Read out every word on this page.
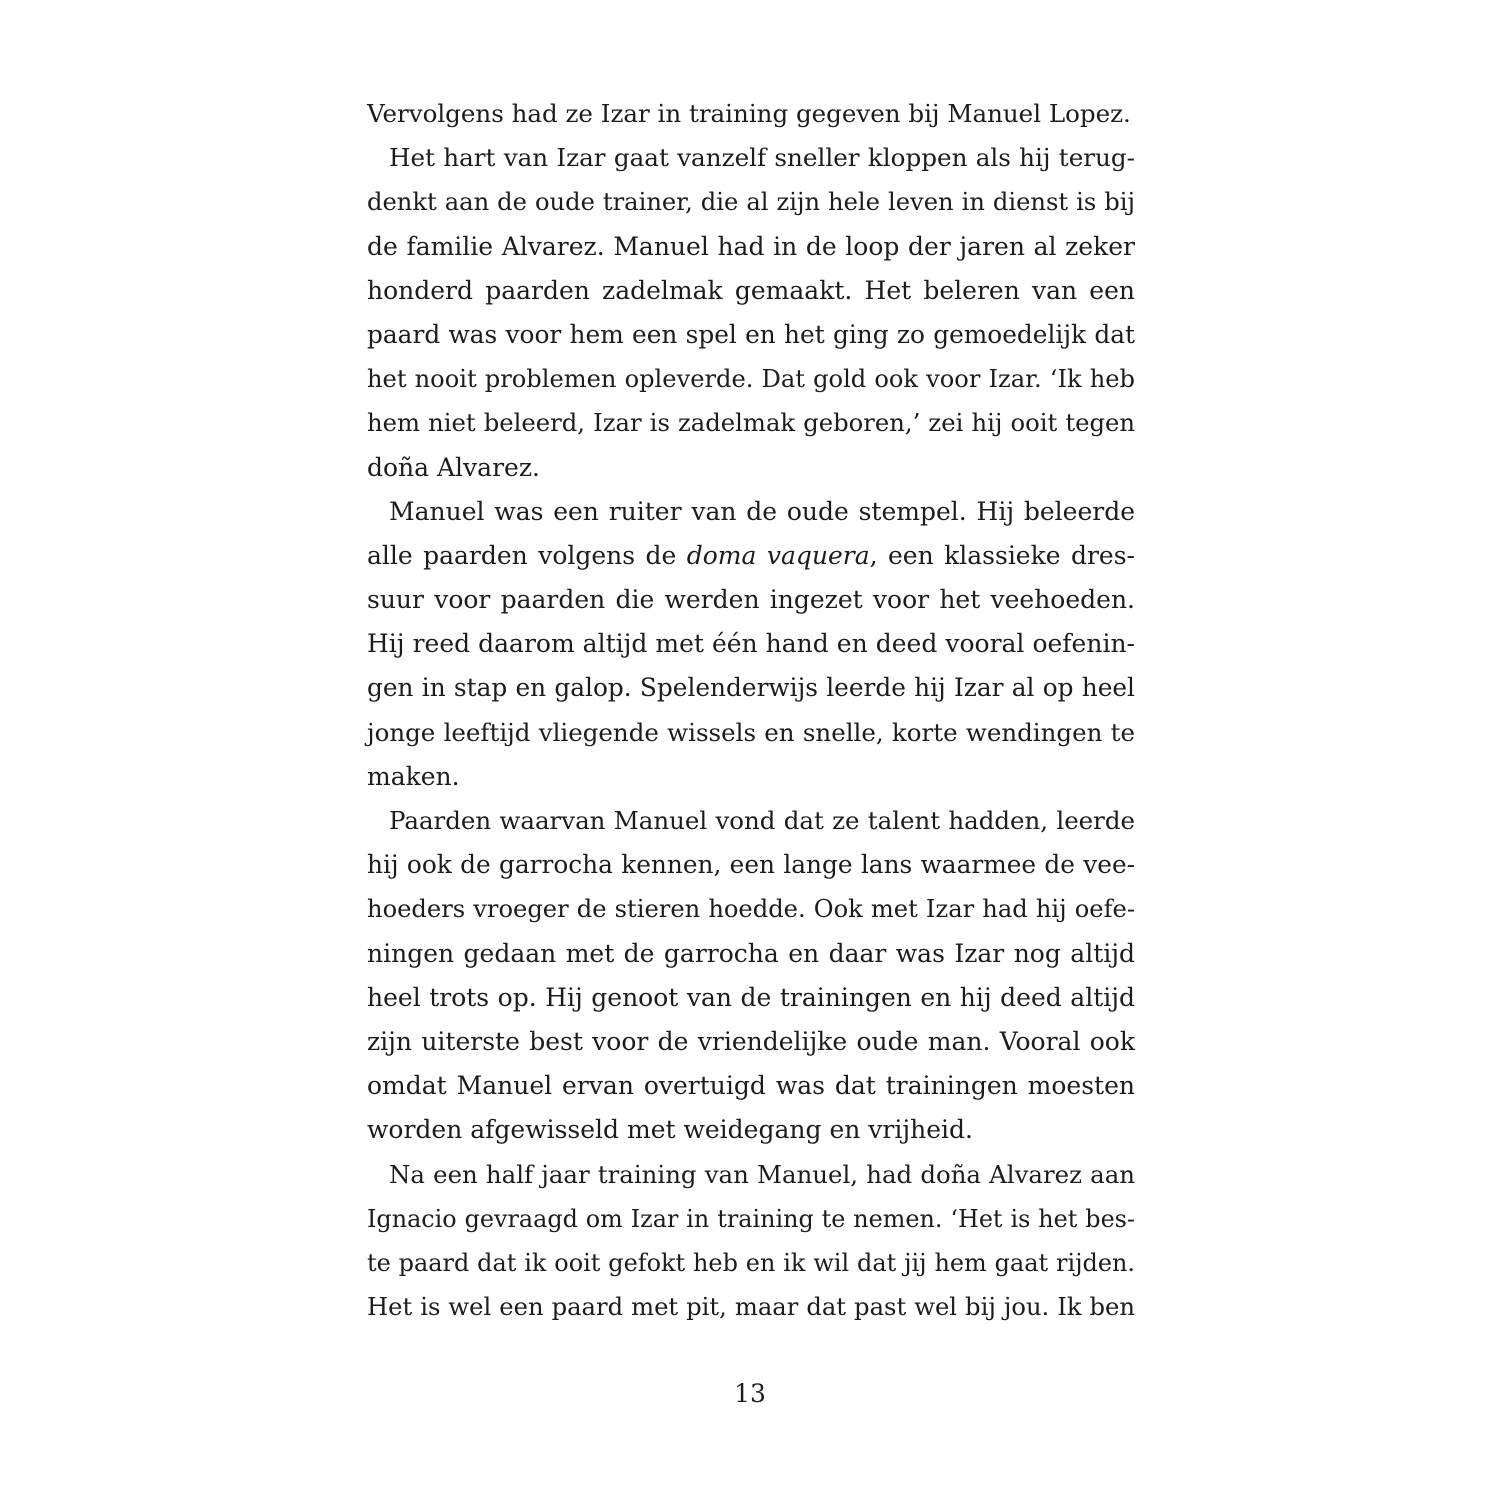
Vervolgens had ze Izar in training gegeven bij Manuel Lopez.
Het hart van Izar gaat vanzelf sneller kloppen als hij terug-
denkt aan de oude trainer, die al zijn hele leven in dienst is bij
de familie Alvarez. Manuel had in de loop der jaren al zeker
honderd paarden zadelmak gemaakt. Het beleren van een
paard was voor hem een spel en het ging zo gemoedelijk dat
het nooit problemen opleverde. Dat gold ook voor Izar. ‘Ik heb
hem niet beleerd, Izar is zadelmak geboren,’ zei hij ooit tegen
doña Alvarez.
Manuel was een ruiter van de oude stempel. Hij beleerde
alle paarden volgens de doma vaquera, een klassieke dres-
suur voor paarden die werden ingezet voor het veehoeden.
Hij reed daarom altijd met één hand en deed vooral oefenin-
gen in stap en galop. Spelenderwijs leerde hij Izar al op heel
jonge leeftijd vliegende wissels en snelle, korte wendingen te
maken.
Paarden waarvan Manuel vond dat ze talent hadden, leerde
hij ook de garrocha kennen, een lange lans waarmee de vee-
hoeders vroeger de stieren hoedde. Ook met Izar had hij oefe-
ningen gedaan met de garrocha en daar was Izar nog altijd
heel trots op. Hij genoot van de trainingen en hij deed altijd
zijn uiterste best voor de vriendelijke oude man. Vooral ook
omdat Manuel ervan overtuigd was dat trainingen moesten
worden afgewisseld met weidegang en vrijheid.
Na een half jaar training van Manuel, had doña Alvarez aan
Ignacio gevraagd om Izar in training te nemen. ‘Het is het bes-
te paard dat ik ooit gefokt heb en ik wil dat jij hem gaat rijden.
Het is wel een paard met pit, maar dat past wel bij jou. Ik ben
13
